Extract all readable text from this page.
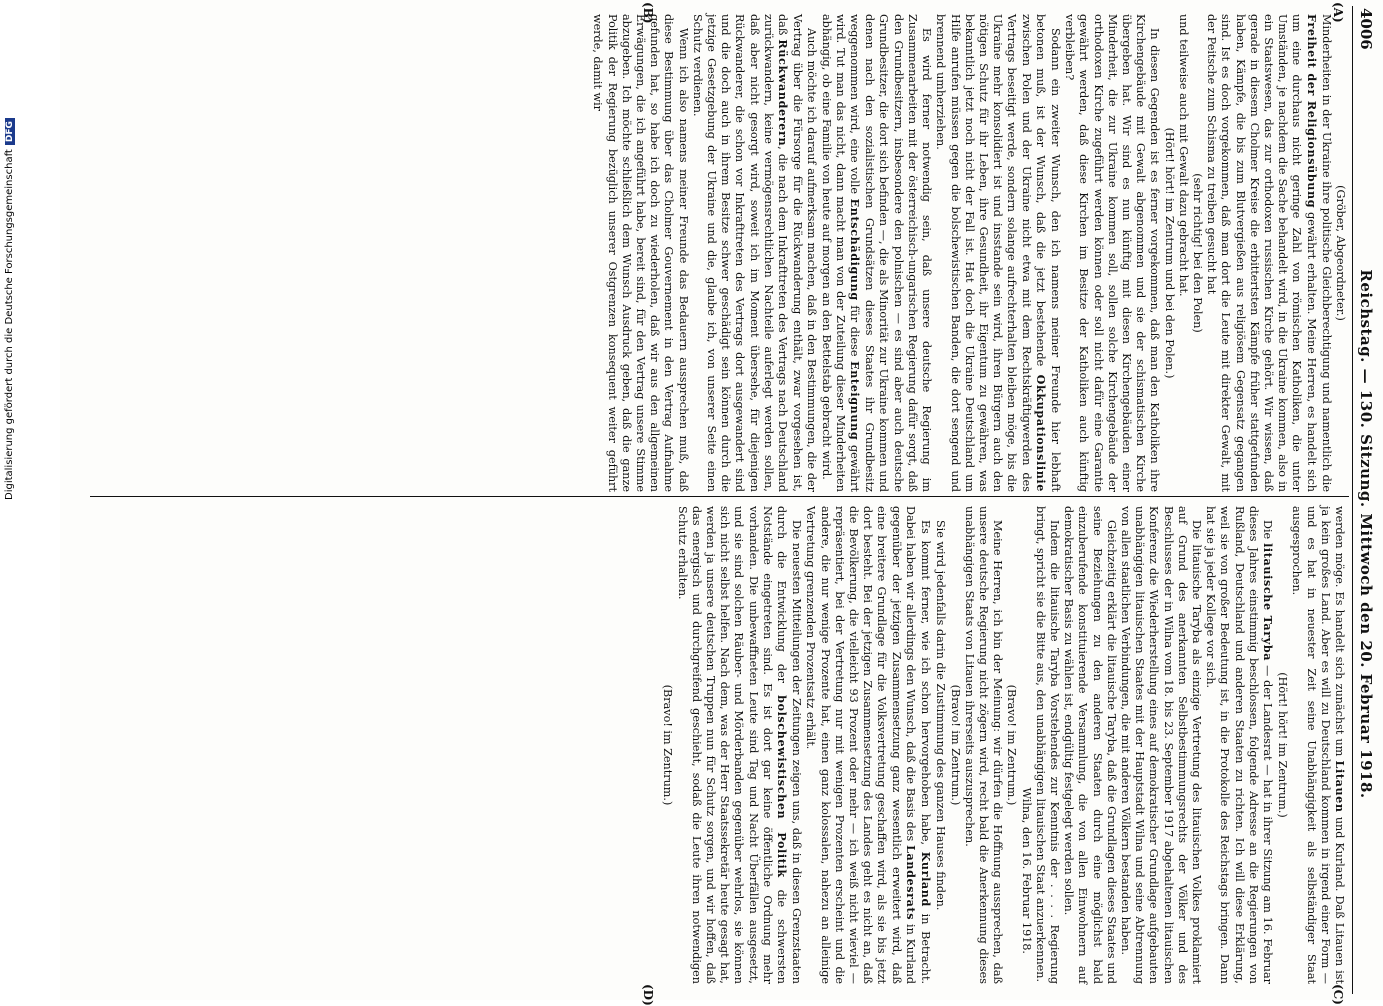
4006
Reichstag. — 130. Sitzung. Mittwoch den 20. Februar 1918.
(A)
(B)
(C)
(D)

(Gröber, Abgeordneter.)

Minderheiten in der Ukraine ihre politische Gleichberechtigung und namentlich die Freiheit der Religionsübung gewährt erhalten. Meine Herren, es handelt sich um eine durchaus nicht geringe Zahl von römischen Katholiken, die unter Umständen, je nachdem die Sache behandelt wird, in die Ukraine kommen, also in ein Staatswesen, das zur orthodoxen russischen Kirche gehört. Wir wissen, daß gerade in diesem Cholmer Kreise die erbittertsten Kämpfe früher stattgefunden haben, Kämpfe, die bis zum Blutvergießen aus religiösem Gegensatz gegangen sind. Ist es doch vorgekommen, daß man dort die Leute mit direkter Gewalt, mit der Peitsche zum Schisma zu treiben gesucht hat

(sehr richtig! bei den Polen)

und teilweise auch mit Gewalt dazu gebracht hat.

(Hört! hört! im Zentrum und bei den Polen.)

In diesen Gegenden ist es ferner vorgekommen, daß man den Katholiken ihre Kirchengebäude mit Gewalt abgenommen und sie der schismatischen Kirche übergeben hat. Wir sind es nun künftig mit diesen Kirchengebäuden einer Minderheit, die zur Ukraine kommen soll, sollen solche Kirchengebäude der orthodoxen Kirche zugeführt werden können oder soll nicht dafür eine Garantie gewährt werden, daß diese Kirchen im Besitze der Katholiken auch künftig verbleiben?

Sodann ein zweiter Wunsch, den ich namens meiner Freunde hier lebhaft betonen muß, ist der Wunsch, daß die jetzt bestehende Okkupationslinie zwischen Polen und der Ukraine nicht etwa mit dem Rechtskräftigwerden des Vertrags beseitigt werde, sondern solange aufrechterhalten bleiben möge, bis die Ukraine mehr konsolidiert ist und insstande sein wird, ihren Bürgern auch den nötigen Schutz für ihr Leben, ihre Gesundheit, ihr Eigentum zu gewähren, was bekanntlich jetzt noch nicht der Fall ist. Hat doch die Ukraine Deutschland um Hilfe anrufen müssen gegen die bolschewistischen Banden, die dort sengend und brennend umherziehen.

Es wird ferner notwendig sein, daß unsere deutsche Regierung im Zusammenarbeiten mit der österreichisch-ungarischen Regierung dafür sorgt, daß den Grundbesitzern, insbesondere den polnischen — es sind aber auch deutsche Grundbesitzer, die dort sich befinden —, die als Minorität zur Ukraine kommen und denen nach den sozialistischen Grundsätzen dieses Staates ihr Grundbesitz weggenommen wird, eine volle Entschädigung für diese Enteignung gewährt wird. Tut man das nicht, dann macht man von der Zuteilung dieser Minderheiten abhängig, ob eine Familie von heute auf morgen an den Bettelstab gebracht wird.

Auch möchte ich darauf aufmerksam machen, daß in den Bestimmungen, die der Vertrag über die Fürsorge für die Rückwanderung enthält, zwar vorgesehen ist, daß Rückwanderern, die nach dem Inkrafttreten des Vertrags nach Deutschland zurückwandern, keine vermögensrechtlichen Nachteile auferlegt werden sollen, daß aber nicht gesorgt wird, soweit ich im Moment übersehe, für diejenigen Rückwanderer, die schon vor Inkrafttreten des Vertrags dort ausgewandert sind und die doch auch in ihrem Besitze schwer geschädigt sein können durch die jetzige Gesetzgebung der Ukraine und die, glaube ich, von unserer Seite einen Schutz verdienen.

Wenn ich also namens meiner Freunde das Bedauern aussprechen muß, daß diese Bestimmung über das Cholmer Gouvernement in den Vertrag Aufnahme gefunden hat, so habe ich doch zu wiederholen, daß wir aus den allgemeinen Erwägungen, die ich angeführt habe, bereit sind, für den Vertrag unsere Stimme abzugeben. Ich möchte schließlich dem Wunsch Ausdruck geben, daß die ganze Politik der Regierung bezüglich unserer Ostgrenzen konsequent weiter geführt werde, damit wir

werden möge. Es handelt sich zunächst um Litauen und Kurland. Daß Litauen ist ja kein großes Land. Aber es will zu Deutschland kommen in irgend einer Form — und es hat in neuester Zeit seine Unabhängigkeit als selbständiger Staat ausgesprochen.

(Hört! hört! im Zentrum.)

Die litauische Taryba — der Landesrat — hat in ihrer Sitzung am 16. Februar dieses Jahres einstimmig beschlossen, folgende Adresse an die Regierungen von Rußland, Deutschland und anderen Staaten zu richten. Ich will diese Erklärung, weil sie von großer Bedeutung ist, in die Protokolle des Reichstags bringen. Dann hat sie ja jeder Kollege vor sich.

Die litauische Taryba als einzige Vertretung des litauischen Volkes proklamiert auf Grund des anerkannten Selbstbestimmungsrechts der Völker und des Beschlusses der in Wilna vom 18. bis 23. September 1917 abgehaltenen litauischen Konferenz die Wiederherstellung eines auf demokratischer Grundlage aufgebauten unabhängigen litauischen Staates mit der Hauptstadt Wilna und seine Abtrennung von allen staatlichen Verbindungen, die mit anderen Völkern bestanden haben.

Gleichzeitig erklärt die litauische Taryba, daß die Grundlagen dieses Staates und seine Beziehungen zu den anderen Staaten durch eine möglichst bald einzuberufende konstituierende Versammlung, die von allen Einwohnern auf demokratischer Basis zu wählen ist, endgültig festgelegt werden sollen.

Indem die litauische Taryba Vorstehendes zur Kenntnis der . . . . Regierung bringt, spricht sie die Bitte aus, den unabhängigen litauischen Staat anzuerkennen.

Wilna, den 16. Februar 1918.

(Bravo! im Zentrum.)

Meine Herren, ich bin der Meinung: wir dürfen die Hoffnung aussprechen, daß unsere deutsche Regierung nicht zögern wird, recht bald die Anerkennung dieses unabhängigen Staats von Litauen ihrerseits auszusprechen.

(Bravo! im Zentrum.)

Sie wird jedenfalls darin die Zustimmung des ganzen Hauses finden.

Es kommt ferner, wie ich schon hervorgehoben habe, Kurland in Betracht. Dabei haben wir allerdings den Wunsch, daß die Basis des Landesrats in Kurland gegenüber der jetzigen Zusammensetzung ganz wesentlich erweitert wird, daß eine breitere Grundlage für die Volksvertretung geschaffen wird, als sie bis jetzt dort besteht. Bei der jetzigen Zusammensetzung des Landes geht es nicht an, daß die Bevölkerung, die vielleicht 93 Prozent oder mehr — ich weiß nicht wieviel — repräsentiert, bei der Vertretung nur mit wenigen Prozenten erscheint und die andere, die nur wenige Prozente hat, einen ganz kolossalen, nahezu an alleinige Vertretung grenzenden Prozentsatz erhält.

Die neuesten Mitteilungen der Zeitungen zeigen uns, daß in diesen Grenzstaaten durch die Entwicklung der bolschewistischen Politik die schwersten Notstände eingetreten sind. Es ist dort gar keine öffentliche Ordnung mehr vorhanden. Die unbewaffneten Leute sind Tag und Nacht Überfällen ausgesetzt, und sie sind solchen Räuber- und Mörderbanden gegenüber wehrlos, sie können sich nicht selbst helfen. Nach dem, was der Herr Staatssekretär heute gesagt hat, werden ja unsere deutschen Truppen nun für Schutz sorgen, und wir hoffen, daß das energisch und durchgreifend geschieht, sodaß die Leute ihren notwendigen Schutz erhalten.

(Bravo! im Zentrum.)

Digitalisierung gefördert durch die Deutsche ForschungsgemeinschaftDFG
